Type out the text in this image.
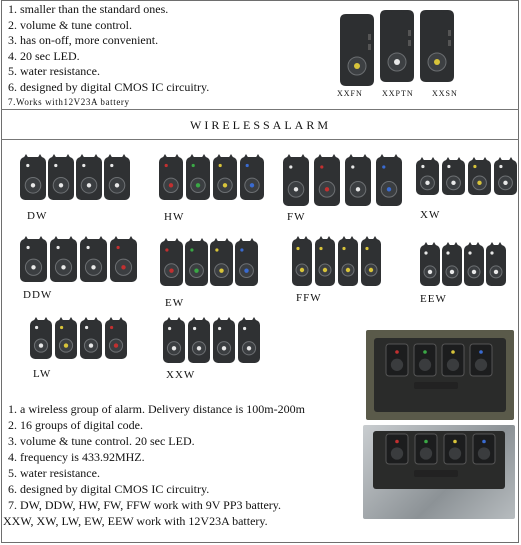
1. smaller than the standard ones.
2. volume & tune control.
3. has on-off, more convenient.
4. 20 sec LED.
5. water resistance.
6. designed by digital CMOS IC circuitry.
7.Works with12V23A battery
XXFN XXPTN XXSN
WIRELESSALARM
DW	HW	FW	XW
DDW
EW	FFW	EEW
LW	XXW
1. a wireless group of alarm. Delivery distance is 100m-200m
2. 16 groups of digital code.
3. volume & tune control. 20 sec LED.
4. frequency is 433.92MHZ.
5. water resistance.
6. designed by digital CMOS IC circuitry.
7. DW, DDW, HW, FW, FFW work with 9V PP3 battery.
XXW, XW, LW, EW, EEW work with 12V23A battery.
